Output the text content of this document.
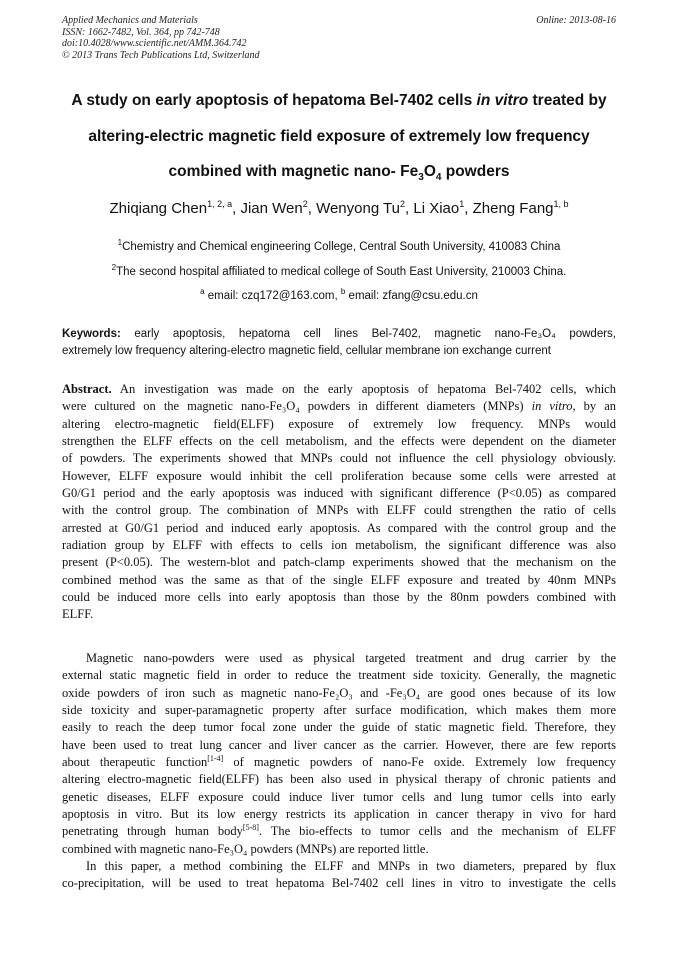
Applied Mechanics and Materials
ISSN: 1662-7482, Vol. 364, pp 742-748
doi:10.4028/www.scientific.net/AMM.364.742
© 2013 Trans Tech Publications Ltd, Switzerland
Online: 2013-08-16
A study on early apoptosis of hepatoma Bel-7402 cells in vitro treated by
altering-electric magnetic field exposure of extremely low frequency
combined with magnetic nano- $Fe_3O_4$ powders
Zhiqiang Chen$^{1, 2, a}$, Jian Wen$^2$, Wenyong Tu$^2$, Li Xiao$^1$, Zheng Fang$^{1, b}$
$^1$Chemistry and Chemical engineering College, Central South University, 410083 China
$^2$The second hospital affiliated to medical college of South East University, 210003 China.
$^a$ email: czq172@163.com, $^b$ email: zfang@csu.edu.cn
Keywords: early apoptosis, hepatoma cell lines Bel-7402, magnetic nano-Fe₃O₄ powders,
extremely low frequency altering-electro magnetic field, cellular membrane ion exchange current
Abstract. An investigation was made on the early apoptosis of hepatoma Bel-7402 cells, which
were cultured on the magnetic nano-Fe₃O₄ powders in different diameters (MNPs) in vitro, by an
altering electro-magnetic field(ELFF) exposure of extremely low frequency. MNPs would
strengthen the ELFF effects on the cell metabolism, and the effects were dependent on the diameter
of powders. The experiments showed that MNPs could not influence the cell physiology obviously.
However, ELFF exposure would inhibit the cell proliferation because some cells were arrested at
G0/G1 period and the early apoptosis was induced with significant difference (P<0.05) as compared
with the control group. The combination of MNPs with ELFF could strengthen the ratio of cells
arrested at G0/G1 period and induced early apoptosis. As compared with the control group and the
radiation group by ELFF with effects to cells ion metabolism, the significant difference was also
present (P<0.05). The western-blot and patch-clamp experiments showed that the mechanism on the
combined method was the same as that of the single ELFF exposure and treated by 40nm MNPs
could be induced more cells into early apoptosis than those by the 80nm powders combined with
ELFF.
Magnetic nano-powders were used as physical targeted treatment and drug carrier by the
external static magnetic field in order to reduce the treatment side toxicity. Generally, the magnetic
oxide powders of iron such as magnetic nano-Fe₂O₃ and -Fe₃O₄ are good ones because of its low
side toxicity and super-paramagnetic property after surface modification, which makes them more
easily to reach the deep tumor focal zone under the guide of static magnetic field. Therefore, they
have been used to treat lung cancer and liver cancer as the carrier. However, there are few reports
about therapeutic function[1-4] of magnetic powders of nano-Fe oxide. Extremely low frequency
altering electro-magnetic field(ELFF) has been also used in physical therapy of chronic patients and
genetic diseases, ELFF exposure could induce liver tumor cells and lung tumor cells into early
apoptosis in vitro. But its low energy restricts its application in cancer therapy in vivo for hard
penetrating through human body[5-8]. The bio-effects to tumor cells and the mechanism of ELFF
combined with magnetic nano-Fe₃O₄ powders (MNPs) are reported little.
In this paper, a method combining the ELFF and MNPs in two diameters, prepared by flux
co-precipitation, will be used to treat hepatoma Bel-7402 cell lines in vitro to investigate the cells
